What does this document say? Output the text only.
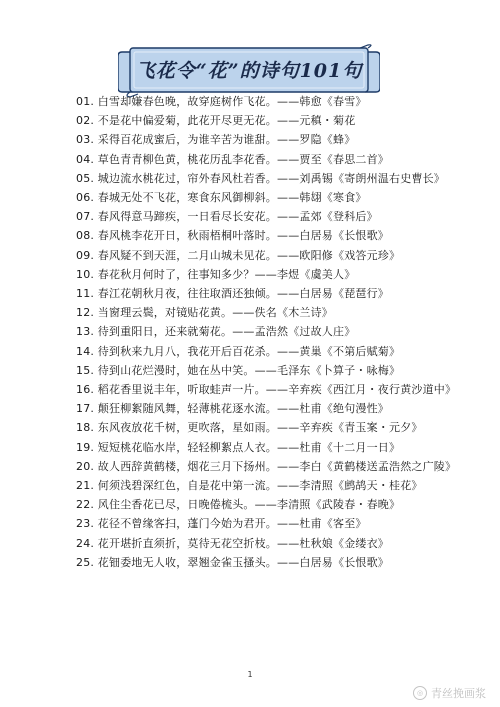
飞花令“花”的诗句101句
01. 白雪却嫌春色晚，故穿庭树作飞花。——韩愈《春雪》
02. 不是花中偏爱菊，此花开尽更无花。——元稹・菊花
03. 采得百花成蜜后，为谁辛苦为谁甜。——罗隐《蜂》
04. 草色青青柳色黄，桃花历乱李花香。——贾至《春思二首》
05. 城边流水桃花过，帘外春风杜若香。——刘禹锡《寄朗州温右史曹长》
06. 春城无处不飞花，寒食东风御柳斜。——韩翃《寒食》
07. 春风得意马蹄疾，一日看尽长安花。——孟郊《登科后》
08. 春风桃李花开日，秋雨梧桐叶落时。——白居易《长恨歌》
09. 春风疑不到天涯，二月山城未见花。——欧阳修《戏答元珍》
10. 春花秋月何时了，往事知多少？——李煜《虞美人》
11. 春江花朝秋月夜，往往取酒还独倾。——白居易《琵琶行》
12. 当窗理云鬓，对镜贴花黄。——佚名《木兰诗》
13. 待到重阳日，还来就菊花。——孟浩然《过故人庄》
14. 待到秋来九月八，我花开后百花杀。——黄巢《不第后赋菊》
15. 待到山花烂漫时，她在丛中笑。——毛泽东《卜算子・咏梅》
16. 稻花香里说丰年，听取蛙声一片。——辛弃疾《西江月・夜行黄沙道中》
17. 颠狂柳絮随风舞，轻薄桃花逐水流。——杜甫《绝句漫性》
18. 东风夜放花千树，更吹落，星如雨。——辛弃疾《青玉案・元夕》
19. 短短桃花临水岸，轻轻柳絮点人衣。——杜甫《十二月一日》
20. 故人西辞黄鹤楼，烟花三月下扬州。——李白《黄鹤楼送孟浩然之广陵》
21. 何须浅碧深红色，自是花中第一流。——李清照《鹧鸪天・桂花》
22. 风住尘香花已尽，日晚倦梳头。——李清照《武陵春・春晚》
23. 花径不曾缘客扫，蓬门今始为君开。——杜甫《客至》
24. 花开堪折直须折，莫待无花空折枝。——杜秋娘《金缕衣》
25. 花钿委地无人收，翠翘金雀玉搔头。——白居易《长恨歌》
1
◎ 青丝挽画浆
